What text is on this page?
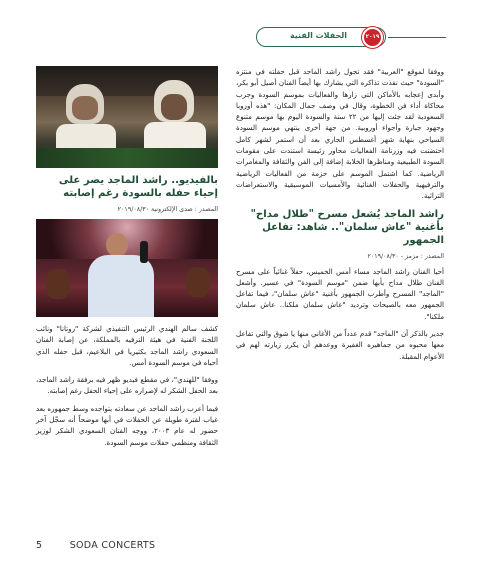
الحفلات الفنية	٢٠١٩

ووفقا لموقع "العربية" فقد تجول راشد الماجد قبل حفلته في منتزه "السودة" حيث نفذت تذاكره التي يشارك بها أيضاً الفنان أصيل أبو بكر، وأبدى إعجابه بالأماكن التي زارها والفعاليات بموسم السودة وجرب محاكاة أداء فن الخطوة، وقال في وصف جمال المكان: "هذه أوروبا السعودية لقد جئت إليها من ٢٢ سنة والسودة اليوم بها موسم متنوع وجهود جبارة وأجواء أوروبية. من جهة أخرى ينتهي موسم السودة السياحي بنهاية شهر أغسطس الجاري بعد أن استمر لشهر كامل احتضنت فيه وزرنامة الفعاليات محاور رئيسة استندت على مقومات السودة الطبيعية ومناظرها الخلابة إضافة إلى الفن والثقافة والمغامرات الرياضية. كما اشتمل الموسم على حزمة من الفعاليات الرياضية والترفيهية والحفلات الغنائية والأمسيات الموسيقية والاستعراضات التراثية.

راشد الماجد يُشعل مسرح "طلال مداح" بأغنية "عاش سلمان".. شاهد: تفاعل الجمهور
المصدر : مزمز - ٢٠١٩/٠٨/٣٠

أحيا الفنان راشد الماجد مساء أمس الخميس، حفلاً غنائياً على مسرح الفنان طلال مداح بأبها ضمن "موسم السودة" في عسير. وأشعل "الماجد" المسرح وأطرب الجمهور بأغنية "عاش سلمان"، فيما تفاعل الجمهور معه بالصيحات وترديد "عاش سلمان ملكنا.. عاش سلمان ملكنا".

جدير بالذكر أن "الماجد" قدم عدداً من الأغاني منها يا شوق والتي تفاعل معها محبوه من جماهيره الغفيرة ووعدهم أن يكرر زيارته لهم في الأعوام المقبلة.

بالفيديو.. راشد الماجد يصر على إحياء حفله بالسودة رغم إصابته
المصدر : صدى الإلكترونية ٢٠١٩/٠٨/٣٠

كشف سالم الهندي الرئيس التنفيذي لشركة "روتانا" ونائب اللجنة الفنية في هيئة الترفيه بالمملكة، عن إصابة الفنان السعودي راشد الماجد بكتيريا في البلاعيم، قبل حفله الذي أحياه في موسم السودة أمس.

ووفقا "للهندي"، في مقطع فيديو ظهر فيه برفقة راشد الماجد، بعد الحفل الشكر له لإصراره على إحياء الحفل رغم إصابته.

فيما أعرب راشد الماجد عن سعادته بتواجده وسط جمهوره بعد غياب لفترة طويلة عن الحفلات في أبها موضحاً أنه سجّل آخر حضور له عام ٢٠٠٣، ووجه الفنان السعودي الشكر لوزير الثقافة ومنظمي حفلات موسم السودة.

5	SODA CONCERTS
